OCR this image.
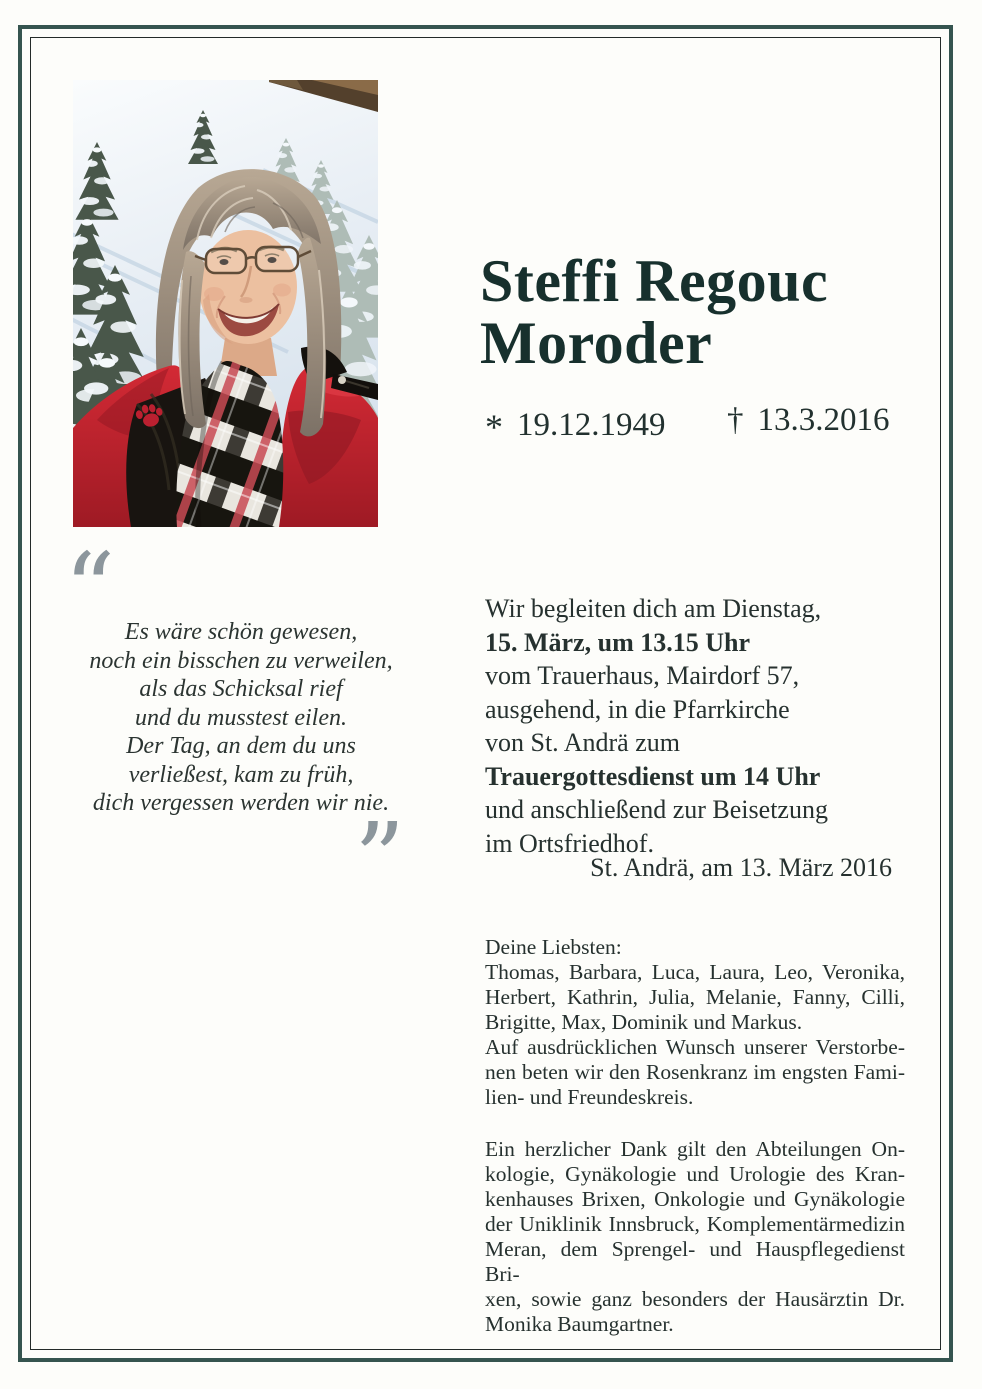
Steffi Regouc
Moroder
* 19.12.1949 † 13.3.2016
“ Es wäre schön gewesen,
noch ein bisschen zu verweilen,
als das Schicksal rief
und du musstest eilen.
Der Tag, an dem du uns
verließest, kam zu früh,
dich vergessen werden wir nie.
”
Wir begleiten dich am Dienstag,
15. März, um 13.15 Uhr
vom Trauerhaus, Mairdorf 57,
ausgehend, in die Pfarrkirche
von St. Andrä zum
Trauergottesdienst um 14 Uhr
und anschließend zur Beisetzung
im Ortsfriedhof.
St. Andrä, am 13. März 2016
Deine Liebsten:
Thomas, Barbara, Luca, Laura, Leo, Veronika,
Herbert, Kathrin, Julia, Melanie, Fanny, Cilli,
Brigitte, Max, Dominik und Markus.
Auf ausdrücklichen Wunsch unserer Verstorbe-
nen beten wir den Rosenkranz im engsten Fami-
lien- und Freundeskreis.
Ein herzlicher Dank gilt den Abteilungen On-
kologie, Gynäkologie und Urologie des Kran-
kenhauses Brixen, Onkologie und Gynäkologie
der Uniklinik Innsbruck, Komplementärmedizin
Meran, dem Sprengel- und Hauspflegedienst Bri-
xen, sowie ganz besonders der Hausärztin Dr.
Monika Baumgartner.
